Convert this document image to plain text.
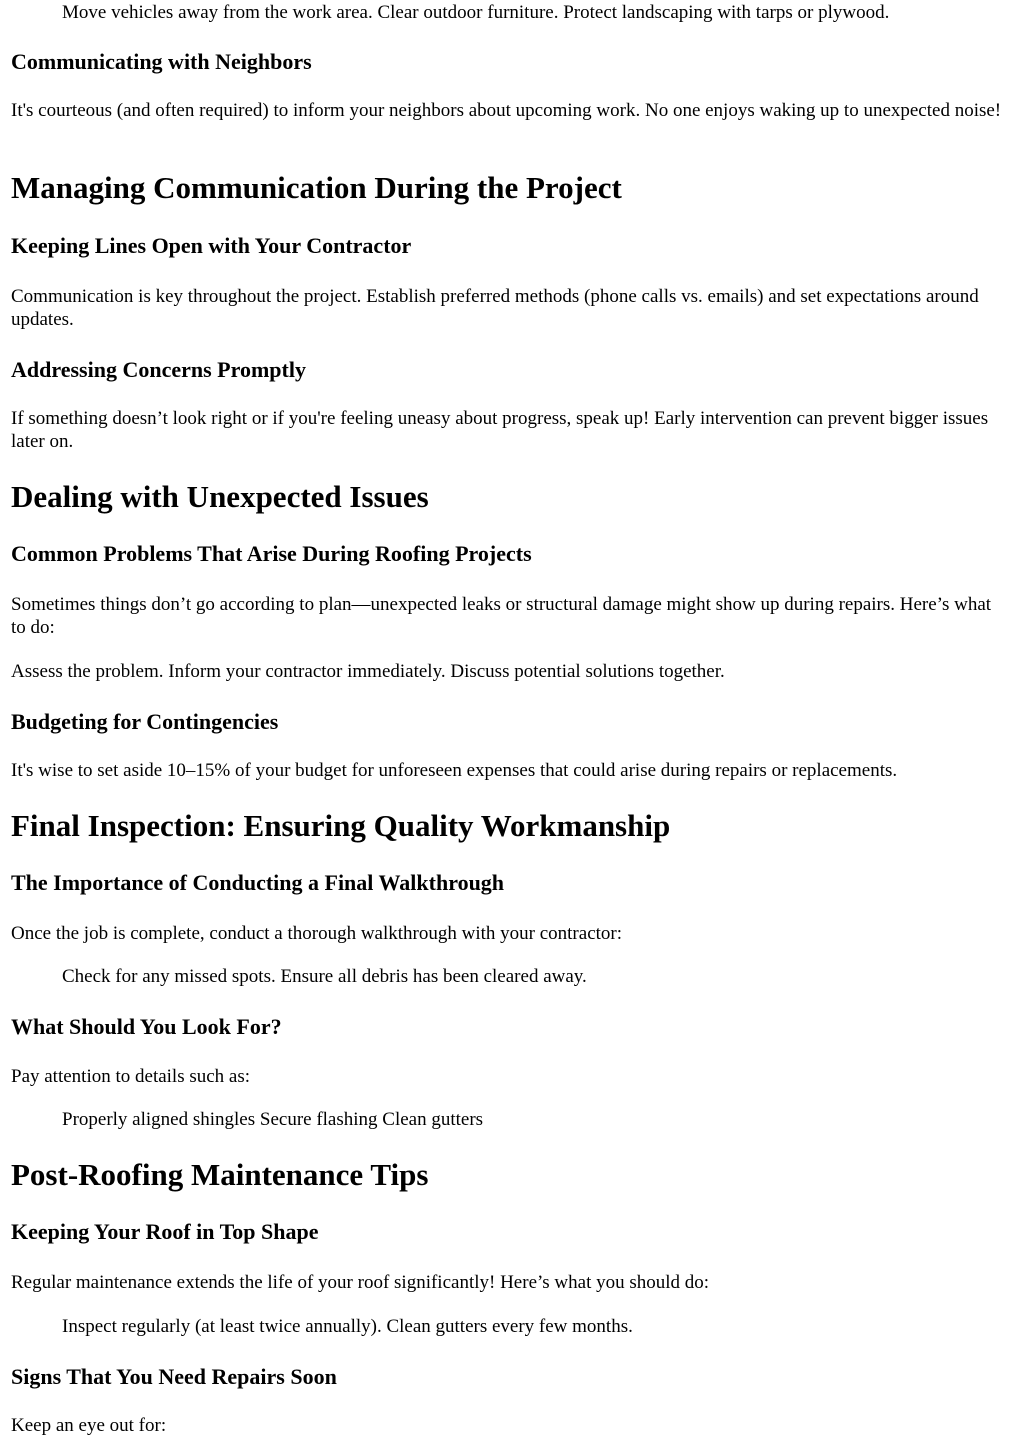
Move vehicles away from the work area. Clear outdoor furniture. Protect landscaping with tarps or plywood.

Communicating with Neighbors

It's courteous (and often required) to inform your neighbors about upcoming work. No one enjoys waking up to unexpected noise!

Managing Communication During the Project
Keeping Lines Open with Your Contractor

Communication is key throughout the project. Establish preferred methods (phone calls vs. emails) and set expectations around updates.

Addressing Concerns Promptly

If something doesn’t look right or if you're feeling uneasy about progress, speak up! Early intervention can prevent bigger issues later on.

Dealing with Unexpected Issues
Common Problems That Arise During Roofing Projects

Sometimes things don’t go according to plan—unexpected leaks or structural damage might show up during repairs. Here’s what to do:

Assess the problem. Inform your contractor immediately. Discuss potential solutions together.

Budgeting for Contingencies

It's wise to set aside 10–15% of your budget for unforeseen expenses that could arise during repairs or replacements.

Final Inspection: Ensuring Quality Workmanship
The Importance of Conducting a Final Walkthrough

Once the job is complete, conduct a thorough walkthrough with your contractor:

Check for any missed spots. Ensure all debris has been cleared away.

What Should You Look For?

Pay attention to details such as:

Properly aligned shingles Secure flashing Clean gutters

Post-Roofing Maintenance Tips
Keeping Your Roof in Top Shape

Regular maintenance extends the life of your roof significantly! Here’s what you should do:

Inspect regularly (at least twice annually). Clean gutters every few months.

Signs That You Need Repairs Soon

Keep an eye out for:
